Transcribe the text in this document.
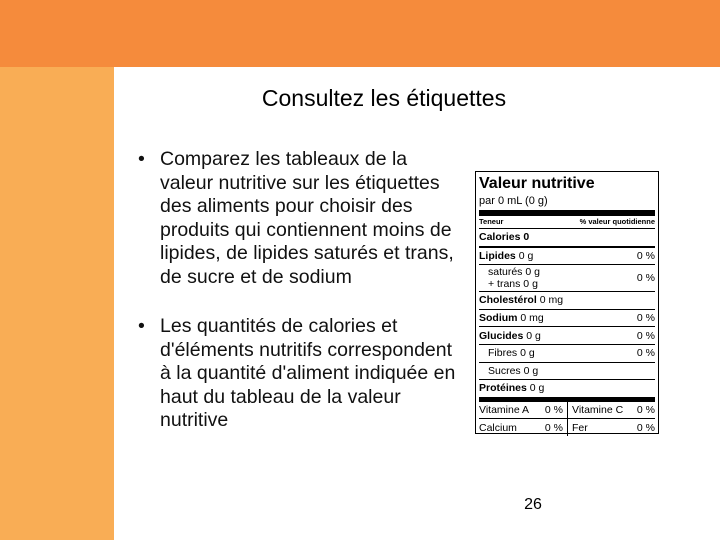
Consultez les étiquettes
• Comparez les tableaux de la valeur nutritive sur les étiquettes des aliments pour choisir des produits qui contiennent moins de lipides, de lipides saturés et trans, de sucre et de sodium
• Les quantités de calories et d'éléments nutritifs correspondent à la quantité d'aliment indiquée en haut du tableau de la valeur nutritive
Valeur nutritive
par 0 mL (0 g)
Teneur	% valeur quotidienne
Calories 0
Lipides 0 g	0 %
saturés 0 g
+ trans 0 g	0 %
Cholestérol 0 mg
Sodium 0 mg	0 %
Glucides 0 g	0 %
Fibres 0 g	0 %
Sucres 0 g
Protéines 0 g
Vitamine A 0 % Vitamine C 0 %
Calcium	0 % Fer	0 %
26
